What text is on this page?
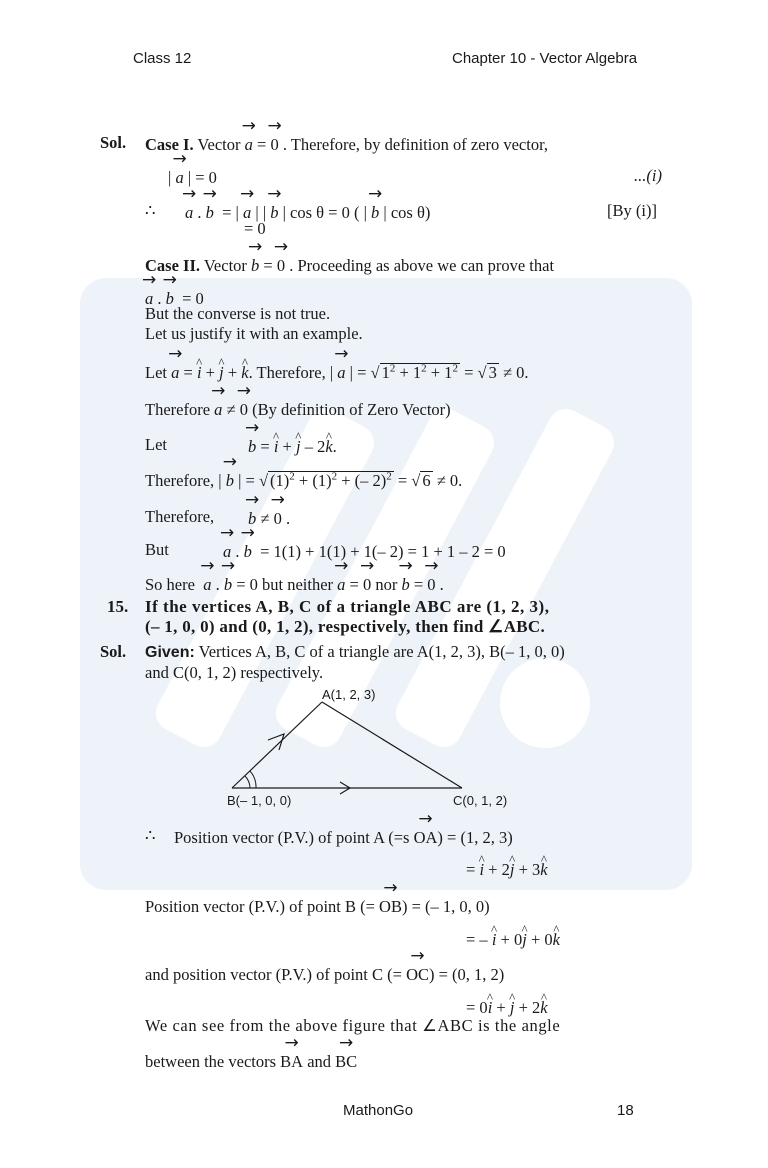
Class 12	Chapter 10 - Vector Algebra
Sol. Case I. Vector → a = → 0 . Therefore, by definition of zero vector,
| → a | = 0	...(i)
∴ → a . → b  = | → a | | → b | cos θ = 0 ( | → b | cos θ)	[By (i)]
= 0
Case II. Vector → b = → 0 . Proceeding as above we can prove that
→ a . → b  = 0
But the converse is not true.
Let us justify it with an example.
Let → a = ^ i + ^ j + ^ k. Therefore, | → a | = √ $1^2 + 1^2 + 1^2$ = √ 3 ≠ 0.
Therefore → a ≠ → 0 (By definition of Zero Vector)
Let	→ b = ^ i + ^ j – 2^ k.
Therefore, | → b | = √ $(1)^2 + (1)^2$ + (– 2)$^2$ = √ 6 ≠ 0.
Therefore, → b ≠ → 0 .
But	→ a . → b  = 1(1) + 1(1) + 1(– 2) = 1 + 1 – 2 = 0
So here → a . → b = 0 but neither → a = → 0 nor → b = → 0 .
15. If the vertices A, B, C of a triangle ABC are (1, 2, 3),
(– 1, 0, 0) and (0, 1, 2), respectively, then find ∠ABC.
Sol. Given: Vertices A, B, C of a triangle are A(1, 2, 3), B(– 1, 0, 0)
and C(0, 1, 2) respectively.
A(1, 2, 3)
B(– 1, 0, 0)	C(0, 1, 2)
∴ Position vector (P.V.) of point A (=s → OA) = (1, 2, 3)
= ^ i + 2^ j + 3^ k
Position vector (P.V.) of point B (= → OB) = (– 1, 0, 0)
= – ^ i + 0^ j + 0^ k
and position vector (P.V.) of point C (= → OC) = (0, 1, 2)
= 0^ i + ^ j + 2^ k
We can see from the above figure that ∠ABC is the angle
between the vectors → BA and → BC
MathonGo	18
